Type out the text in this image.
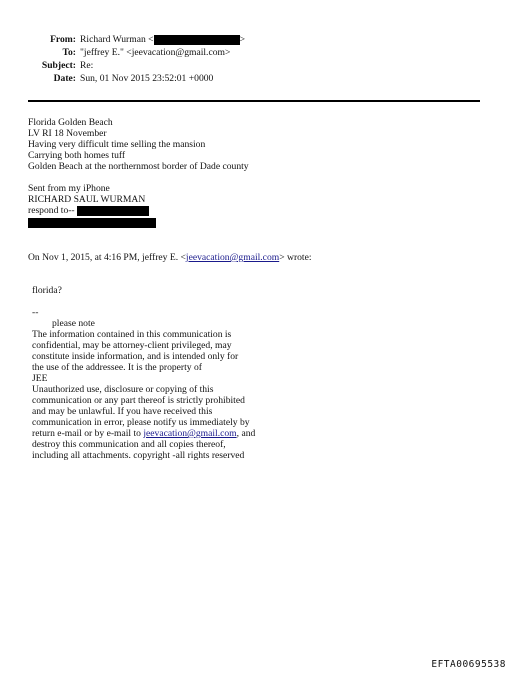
From: Richard Wurman <	>
To: "jeffrey E." <jeevacation@gmail.com>
Subject: Re:
Date: Sun, 01 Nov 2015 23:52:01 +0000
Florida Golden Beach
LV RI 18 November
Having very difficult time selling the mansion
Carrying both homes tuff
Golden Beach at the northernmost border of Dade county
Sent from my iPhone
RICHARD SAUL WURMAN
respond to--
On Nov 1, 2015, at 4:16 PM, jeffrey E. <jeevacation@gmail.com> wrote:
florida?
--
please note
The information contained in this communication is
confidential, may be attorney-client privileged, may
constitute inside information, and is intended only for
the use of the addressee. It is the property of
JEE
Unauthorized use, disclosure or copying of this
communication or any part thereof is strictly prohibited
and may be unlawful. If you have received this
communication in error, please notify us immediately by
return e-mail or by e-mail to jeevacation@gmail.com, and
destroy this communication and all copies thereof,
including all attachments. copyright -all rights reserved
EFTA00695538
